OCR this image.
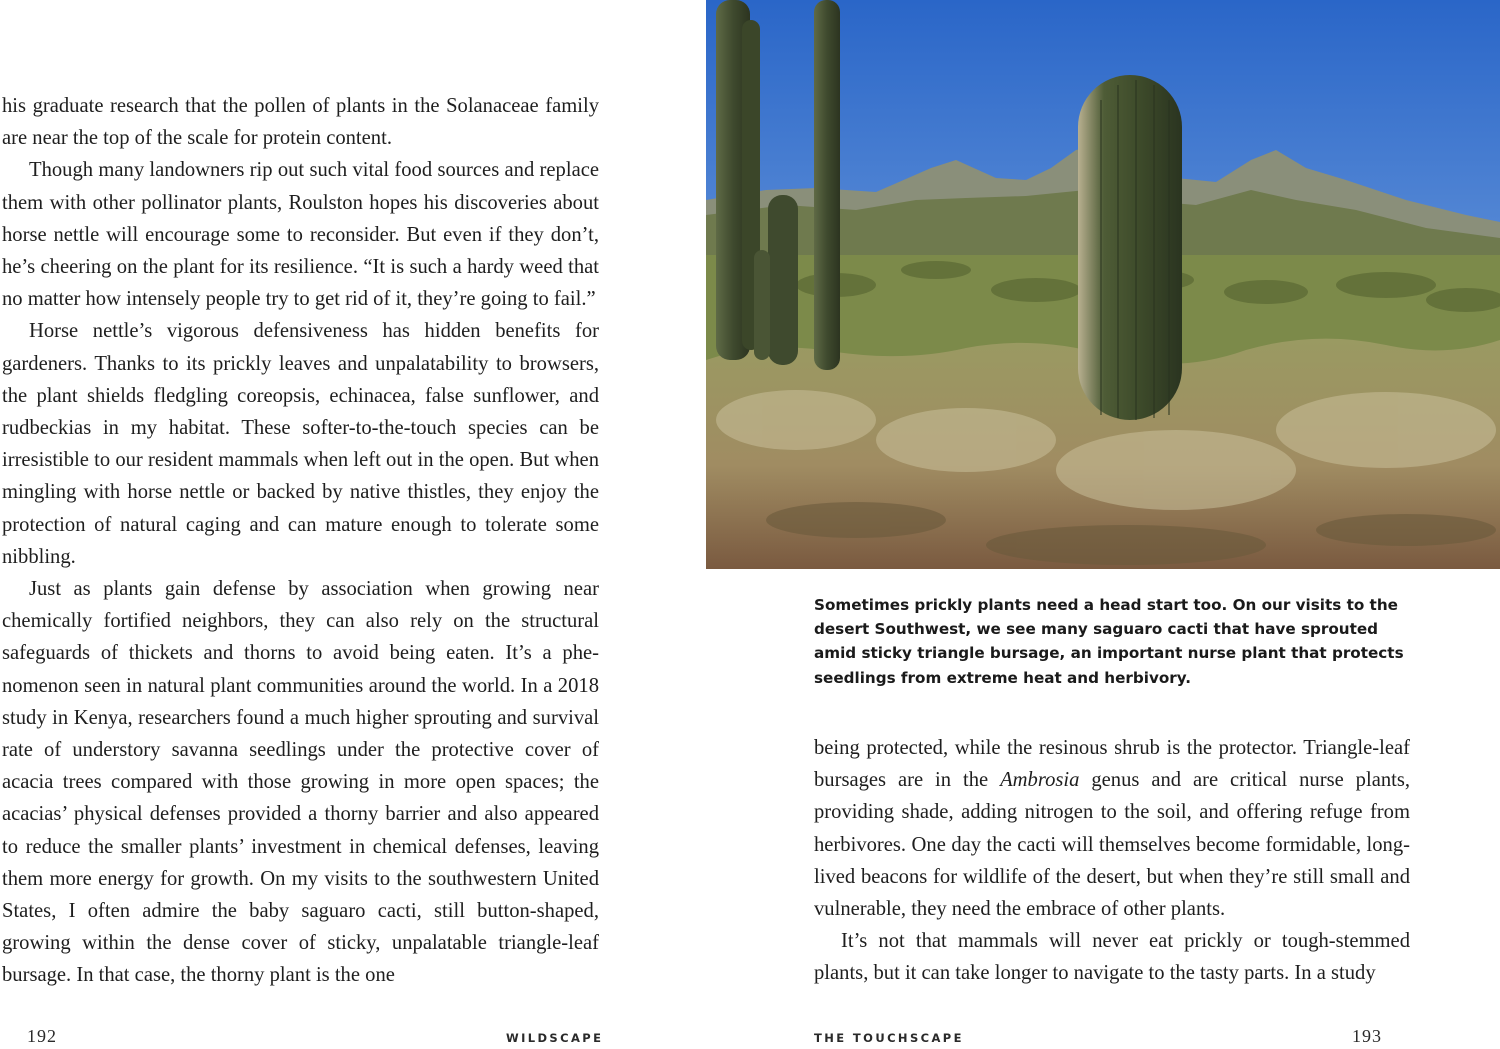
his graduate research that the pollen of plants in the Solanaceae family are near the top of the scale for protein content.

Though many landowners rip out such vital food sources and replace them with other pollinator plants, Roulston hopes his discoveries about horse nettle will encourage some to reconsider. But even if they don’t, he’s cheering on the plant for its resilience. “It is such a hardy weed that no matter how intensely people try to get rid of it, they’re going to fail.”

Horse nettle’s vigorous defensiveness has hidden benefits for gardeners. Thanks to its prickly leaves and unpalatability to browsers, the plant shields fledgling coreopsis, echinacea, false sunflower, and rudbeckias in my habitat. These softer-to-the-touch species can be irresistible to our resident mammals when left out in the open. But when mingling with horse nettle or backed by native thistles, they enjoy the protection of natural caging and can mature enough to tolerate some nibbling.

Just as plants gain defense by association when growing near chemically fortified neighbors, they can also rely on the structural safeguards of thickets and thorns to avoid being eaten. It’s a phenomenon seen in natural plant communities around the world. In a 2018 study in Kenya, researchers found a much higher sprouting and survival rate of understory savanna seedlings under the protective cover of acacia trees compared with those growing in more open spaces; the acacias’ physical defenses provided a thorny barrier and also appeared to reduce the smaller plants’ investment in chemical defenses, leaving them more energy for growth. On my visits to the southwestern United States, I often admire the baby saguaro cacti, still button-shaped, growing within the dense cover of sticky, unpalatable triangle-leaf bursage. In that case, the thorny plant is the one

192	WILDSCAPE

Sometimes prickly plants need a head start too. On our visits to the desert Southwest, we see many saguaro cacti that have sprouted amid sticky triangle bursage, an important nurse plant that protects seedlings from extreme heat and herbivory.

being protected, while the resinous shrub is the protector. Triangle-leaf bursages are in the Ambrosia genus and are critical nurse plants, providing shade, adding nitrogen to the soil, and offering refuge from herbivores. One day the cacti will themselves become formidable, long-lived beacons for wildlife of the desert, but when they’re still small and vulnerable, they need the embrace of other plants.

It’s not that mammals will never eat prickly or tough-stemmed plants, but it can take longer to navigate to the tasty parts. In a study

THE TOUCHSCAPE	193
